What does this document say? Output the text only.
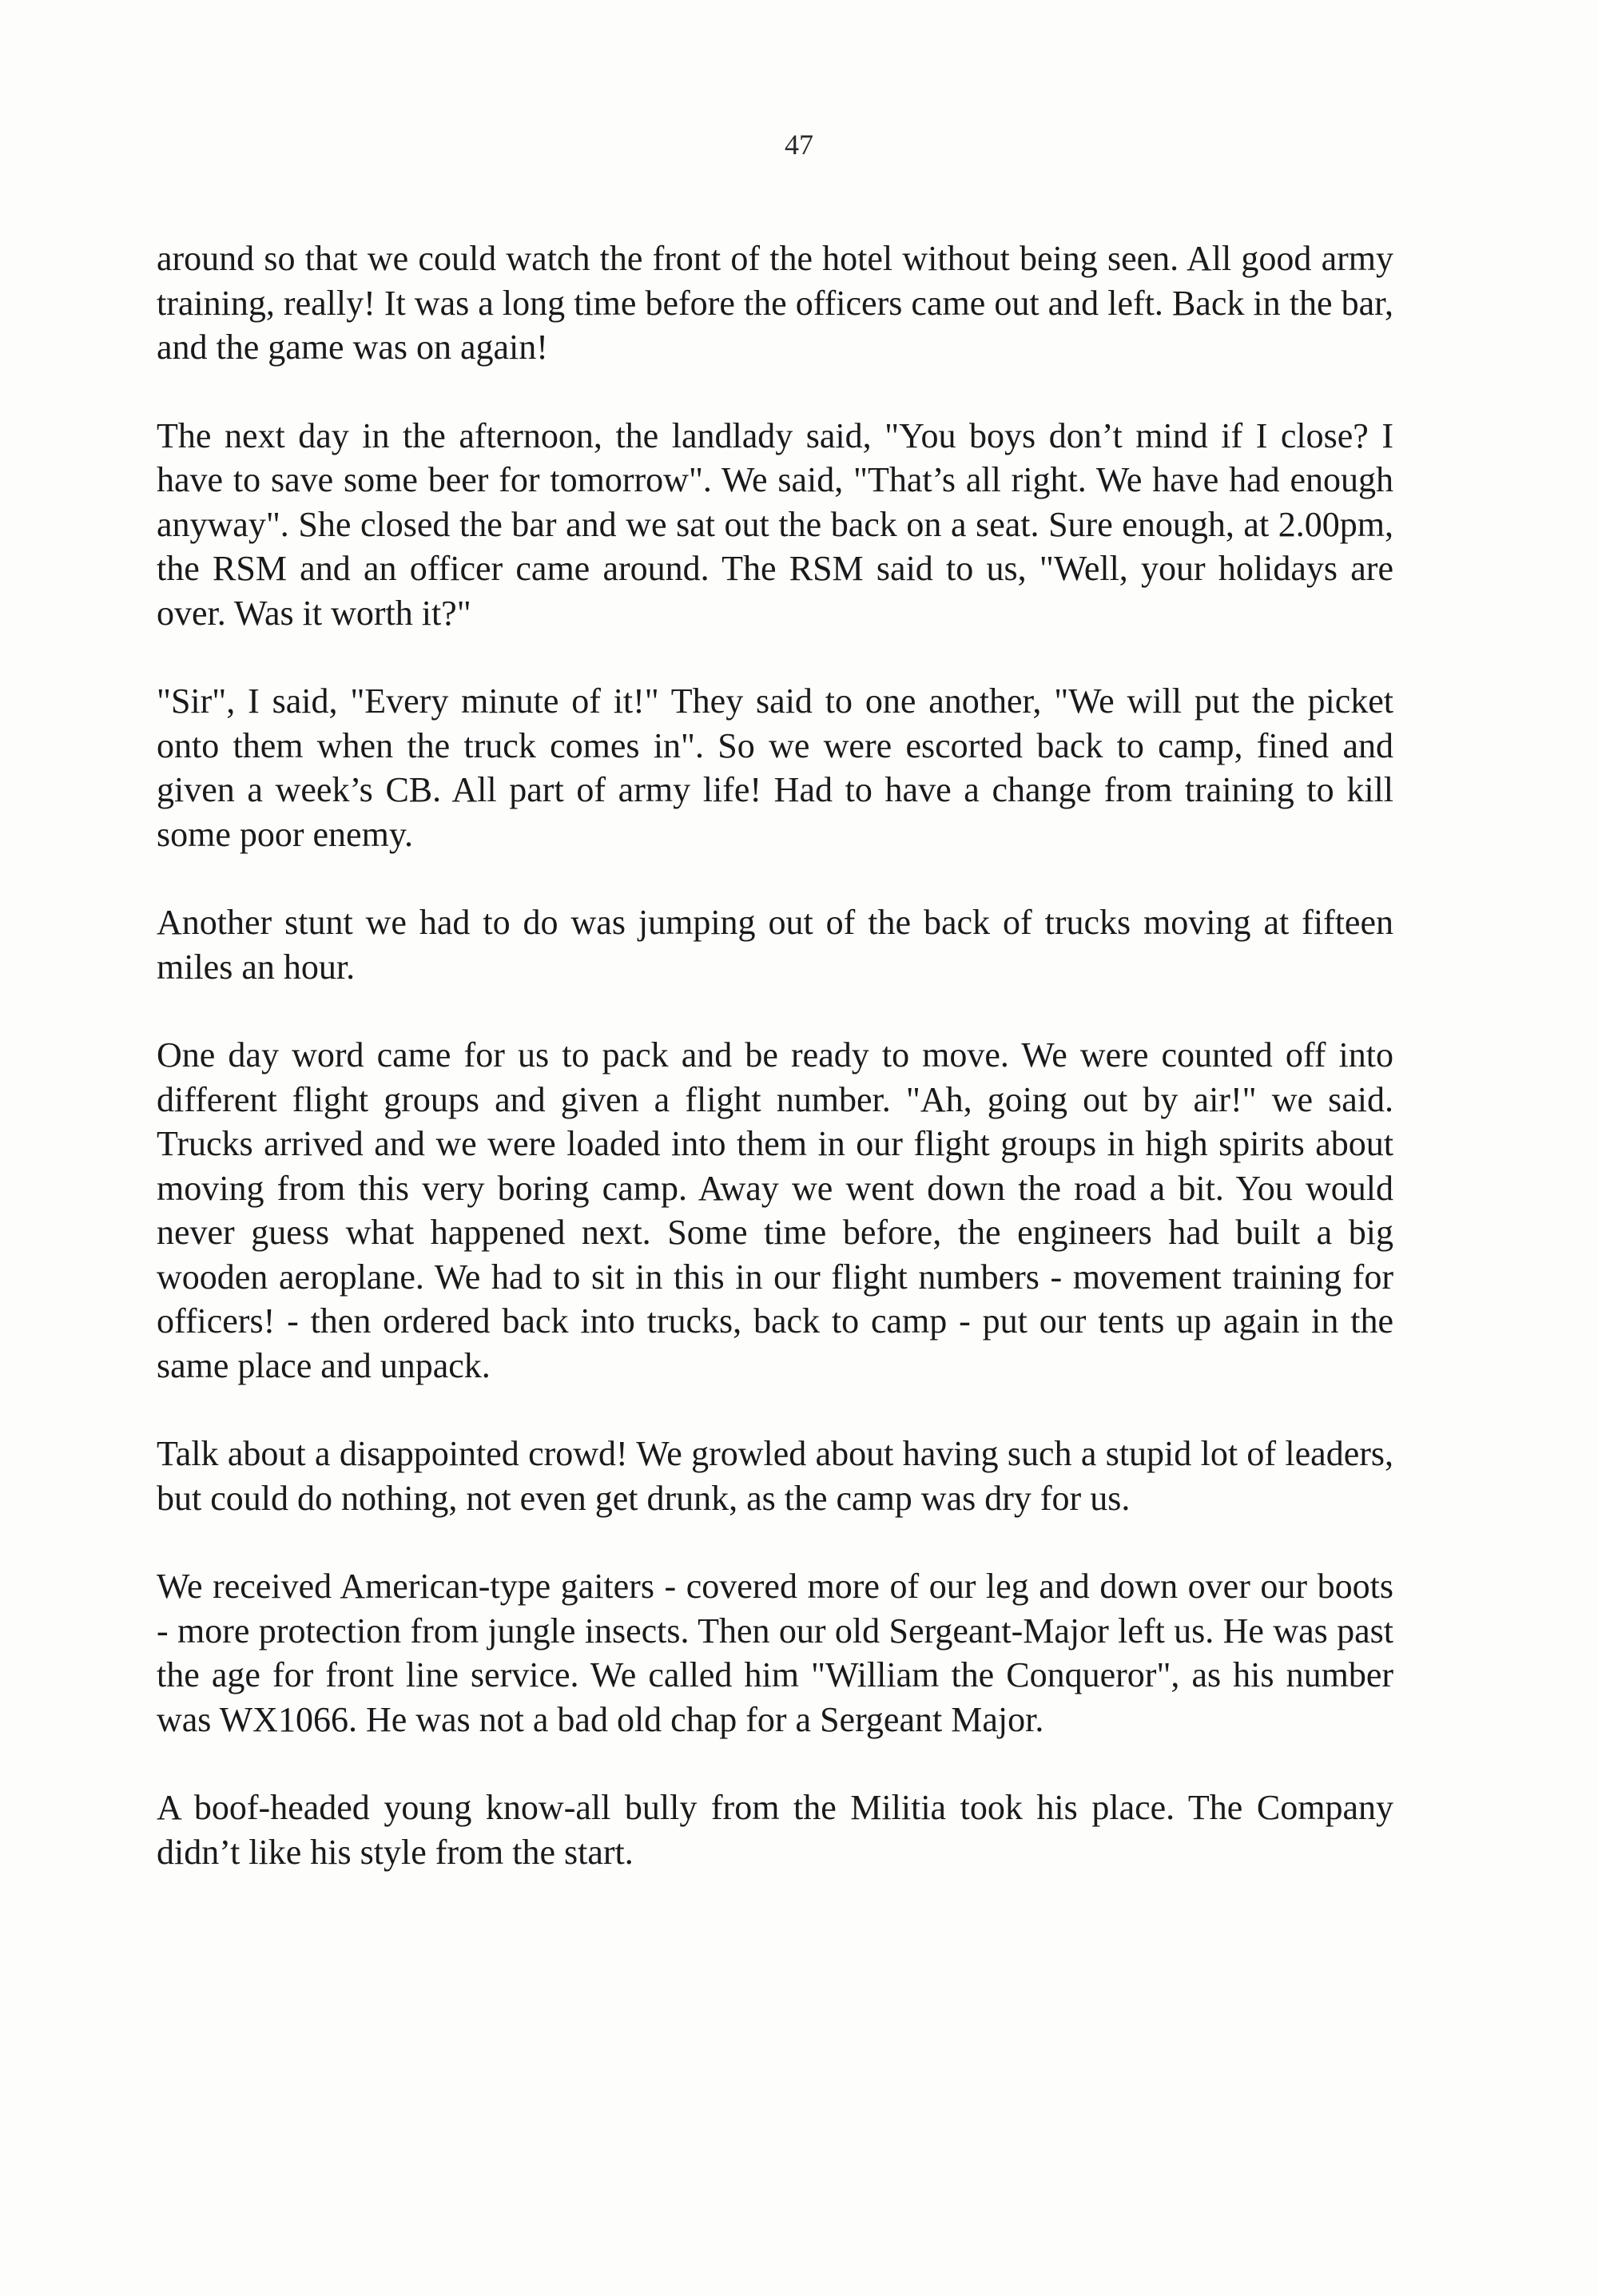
47

around so that we could watch the front of the hotel without being seen. All good army training, really! It was a long time before the officers came out and left. Back in the bar, and the game was on again!

The next day in the afternoon, the landlady said, "You boys don’t mind if I close? I have to save some beer for tomorrow". We said, "That’s all right. We have had enough anyway". She closed the bar and we sat out the back on a seat. Sure enough, at 2.00pm, the RSM and an officer came around. The RSM said to us, "Well, your holidays are over. Was it worth it?"

"Sir", I said, "Every minute of it!" They said to one another, "We will put the picket onto them when the truck comes in". So we were escorted back to camp, fined and given a week’s CB. All part of army life! Had to have a change from training to kill some poor enemy.

Another stunt we had to do was jumping out of the back of trucks moving at fifteen miles an hour.

One day word came for us to pack and be ready to move. We were counted off into different flight groups and given a flight number. "Ah, going out by air!" we said. Trucks arrived and we were loaded into them in our flight groups in high spirits about moving from this very boring camp. Away we went down the road a bit. You would never guess what happened next. Some time before, the engineers had built a big wooden aeroplane. We had to sit in this in our flight numbers - movement training for officers! - then ordered back into trucks, back to camp - put our tents up again in the same place and unpack.

Talk about a disappointed crowd! We growled about having such a stupid lot of leaders, but could do nothing, not even get drunk, as the camp was dry for us.

We received American-type gaiters - covered more of our leg and down over our boots - more protection from jungle insects. Then our old Sergeant-Major left us. He was past the age for front line service. We called him "William the Conqueror", as his number was WX1066. He was not a bad old chap for a Sergeant Major.

A boof-headed young know-all bully from the Militia took his place. The Company didn’t like his style from the start.
